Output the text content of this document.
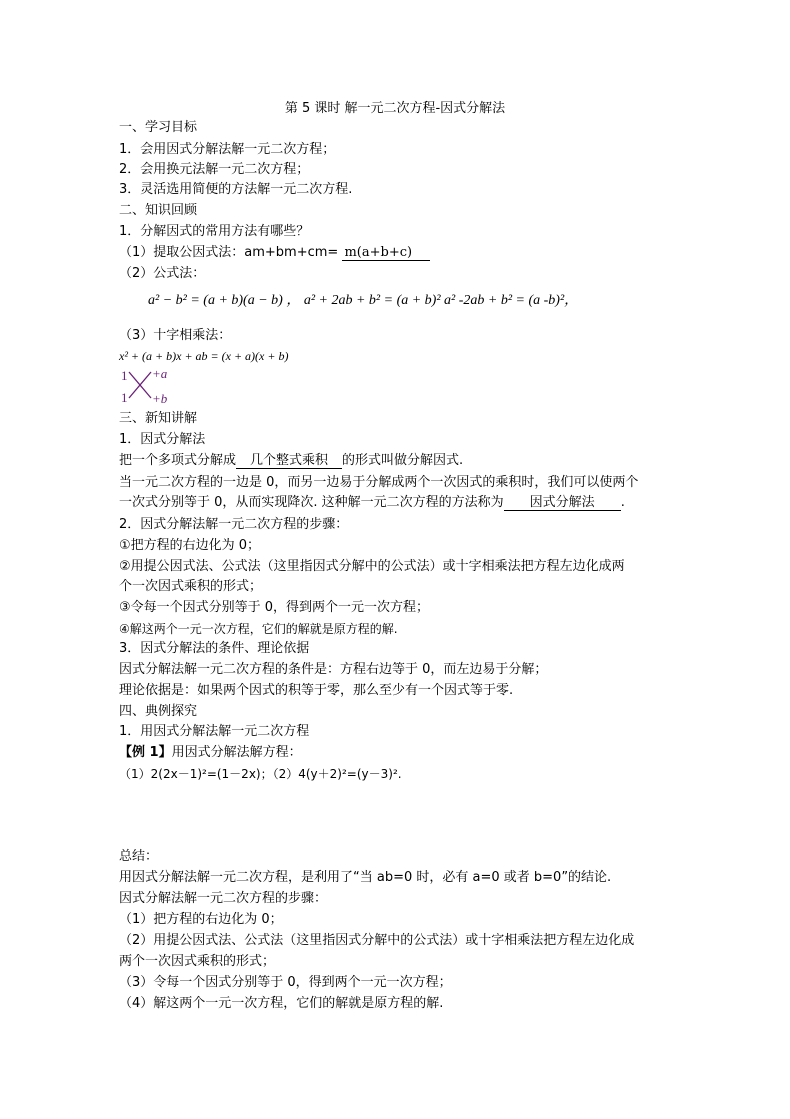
第 5 课时 解一元二次方程-因式分解法
一、学习目标
1．会用因式分解法解一元二次方程；
2．会用换元法解一元二次方程；
3．灵活选用简便的方法解一元二次方程.
二、知识回顾
1．分解因式的常用方法有哪些？
（1）提取公因式法：am+bm+cm= m(a+b+c)
（2）公式法：
a² − b² = (a + b)(a − b) ， a² + 2ab + b² = (a + b)² a² -2ab + b² = (a -b)²，
（3）十字相乘法：
x² + (a + b)x + ab = (x + a)(x + b)
1
1
+a
+b
三、新知讲解
1．因式分解法
把一个多项式分解成 几个整式乘积 的形式叫做分解因式.
当一元二次方程的一边是 0，而另一边易于分解成两个一次因式的乘积时，我们可以使两个
一次式分别等于 0，从而实现降次. 这种解一元二次方程的方法称为 因式分解法 .
2．因式分解法解一元二次方程的步骤：
①把方程的右边化为 0；
②用提公因式法、公式法（这里指因式分解中的公式法）或十字相乘法把方程左边化成两
个一次因式乘积的形式；
③令每一个因式分别等于 0，得到两个一元一次方程；
④解这两个一元一次方程，它们的解就是原方程的解.
3．因式分解法的条件、理论依据
因式分解法解一元二次方程的条件是：方程右边等于 0，而左边易于分解；
理论依据是：如果两个因式的积等于零，那么至少有一个因式等于零.
四、典例探究
1．用因式分解法解一元二次方程
【例 1】用因式分解法解方程：
（1）2(2x－1)²=(1－2x)；（2）4(y＋2)²=(y－3)².
总结：
用因式分解法解一元二次方程，是利用了“当 ab=0 时，必有 a=0 或者 b=0”的结论.
因式分解法解一元二次方程的步骤：
（1）把方程的右边化为 0；
（2）用提公因式法、公式法（这里指因式分解中的公式法）或十字相乘法把方程左边化成
两个一次因式乘积的形式；
（3）令每一个因式分别等于 0，得到两个一元一次方程；
（4）解这两个一元一次方程，它们的解就是原方程的解.
